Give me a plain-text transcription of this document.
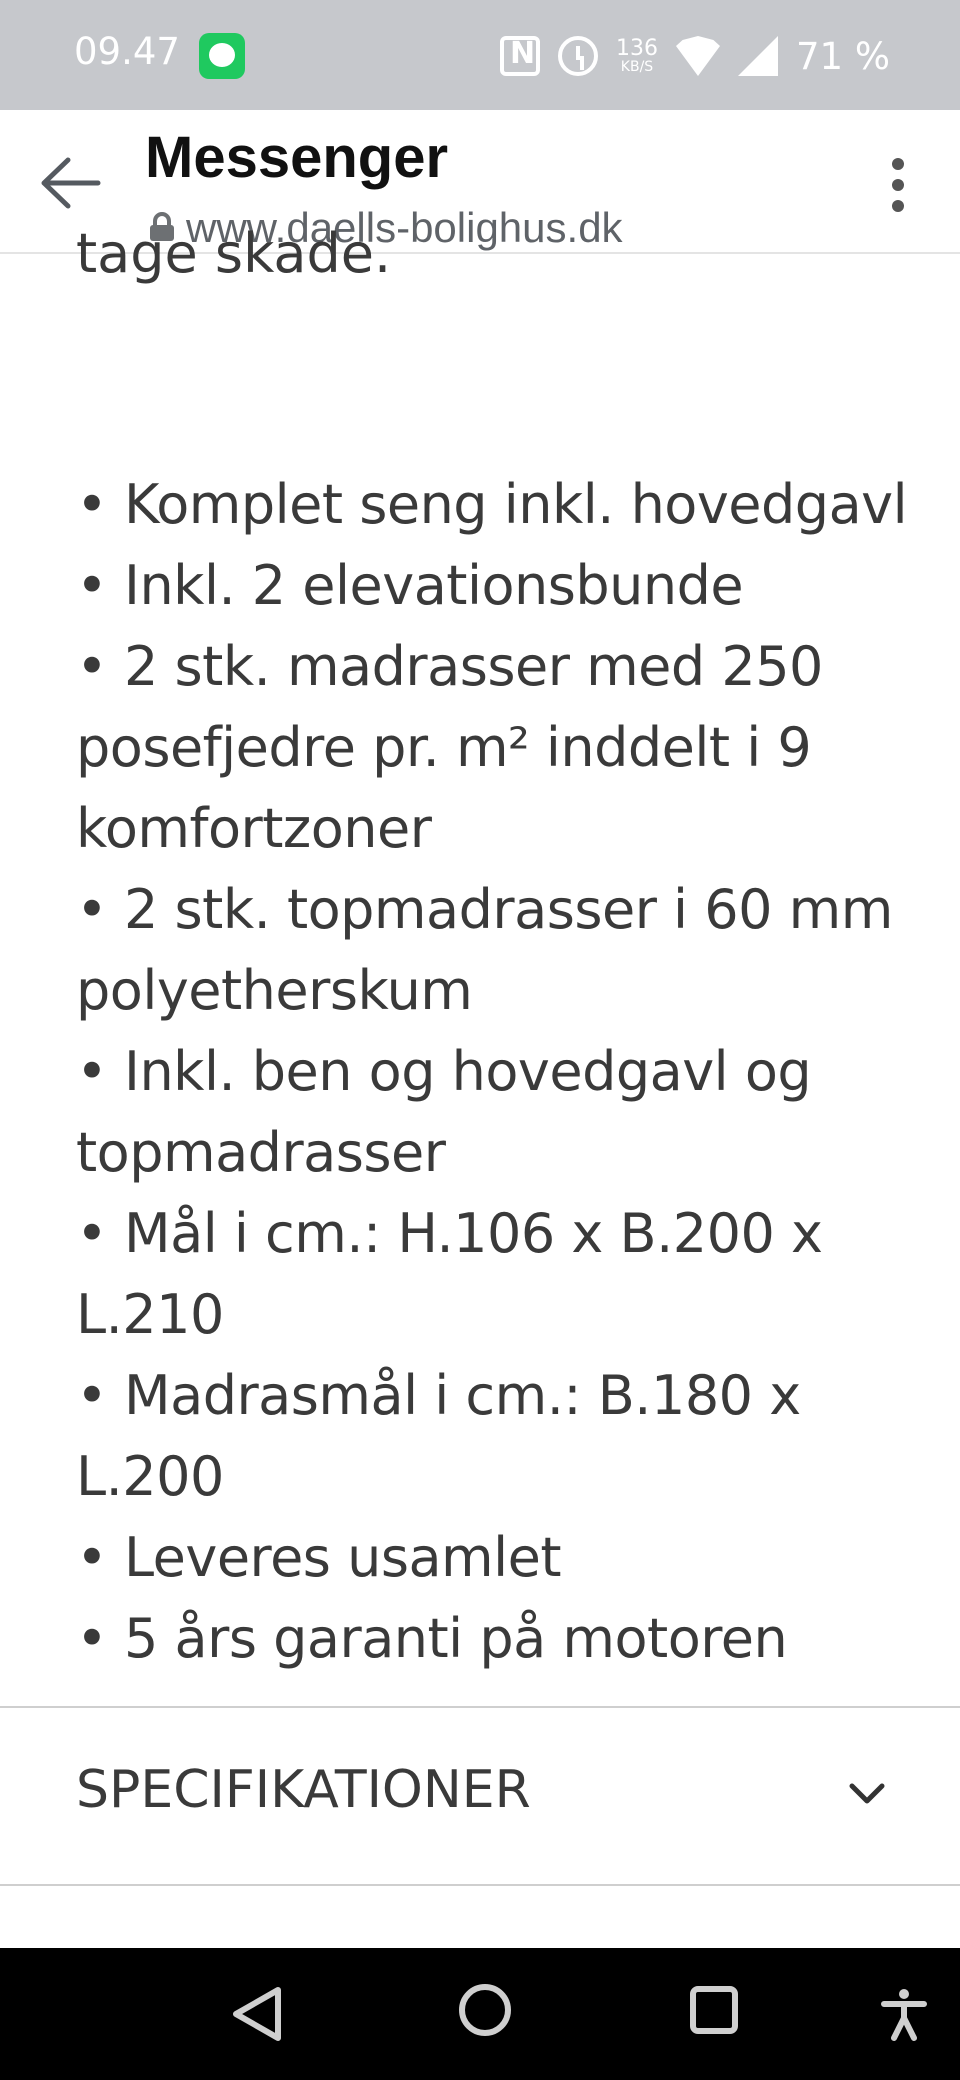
09.47
N	136
KB/S	71 %
Messenger
www.daells-bolighus.dk
tage skade.
• Komplet seng inkl. hovedgavl
• Inkl. 2 elevationsbunde
• 2 stk. madrasser med 250
posefjedre pr. m² inddelt i 9
komfortzoner
• 2 stk. topmadrasser i 60 mm
polyetherskum
• Inkl. ben og hovedgavl og
topmadrasser
• Mål i cm.: H.106 x B.200 x
L.210
• Madrasmål i cm.: B.180 x
L.200
• Leveres usamlet
• 5 års garanti på motoren
SPECIFIKATIONER
